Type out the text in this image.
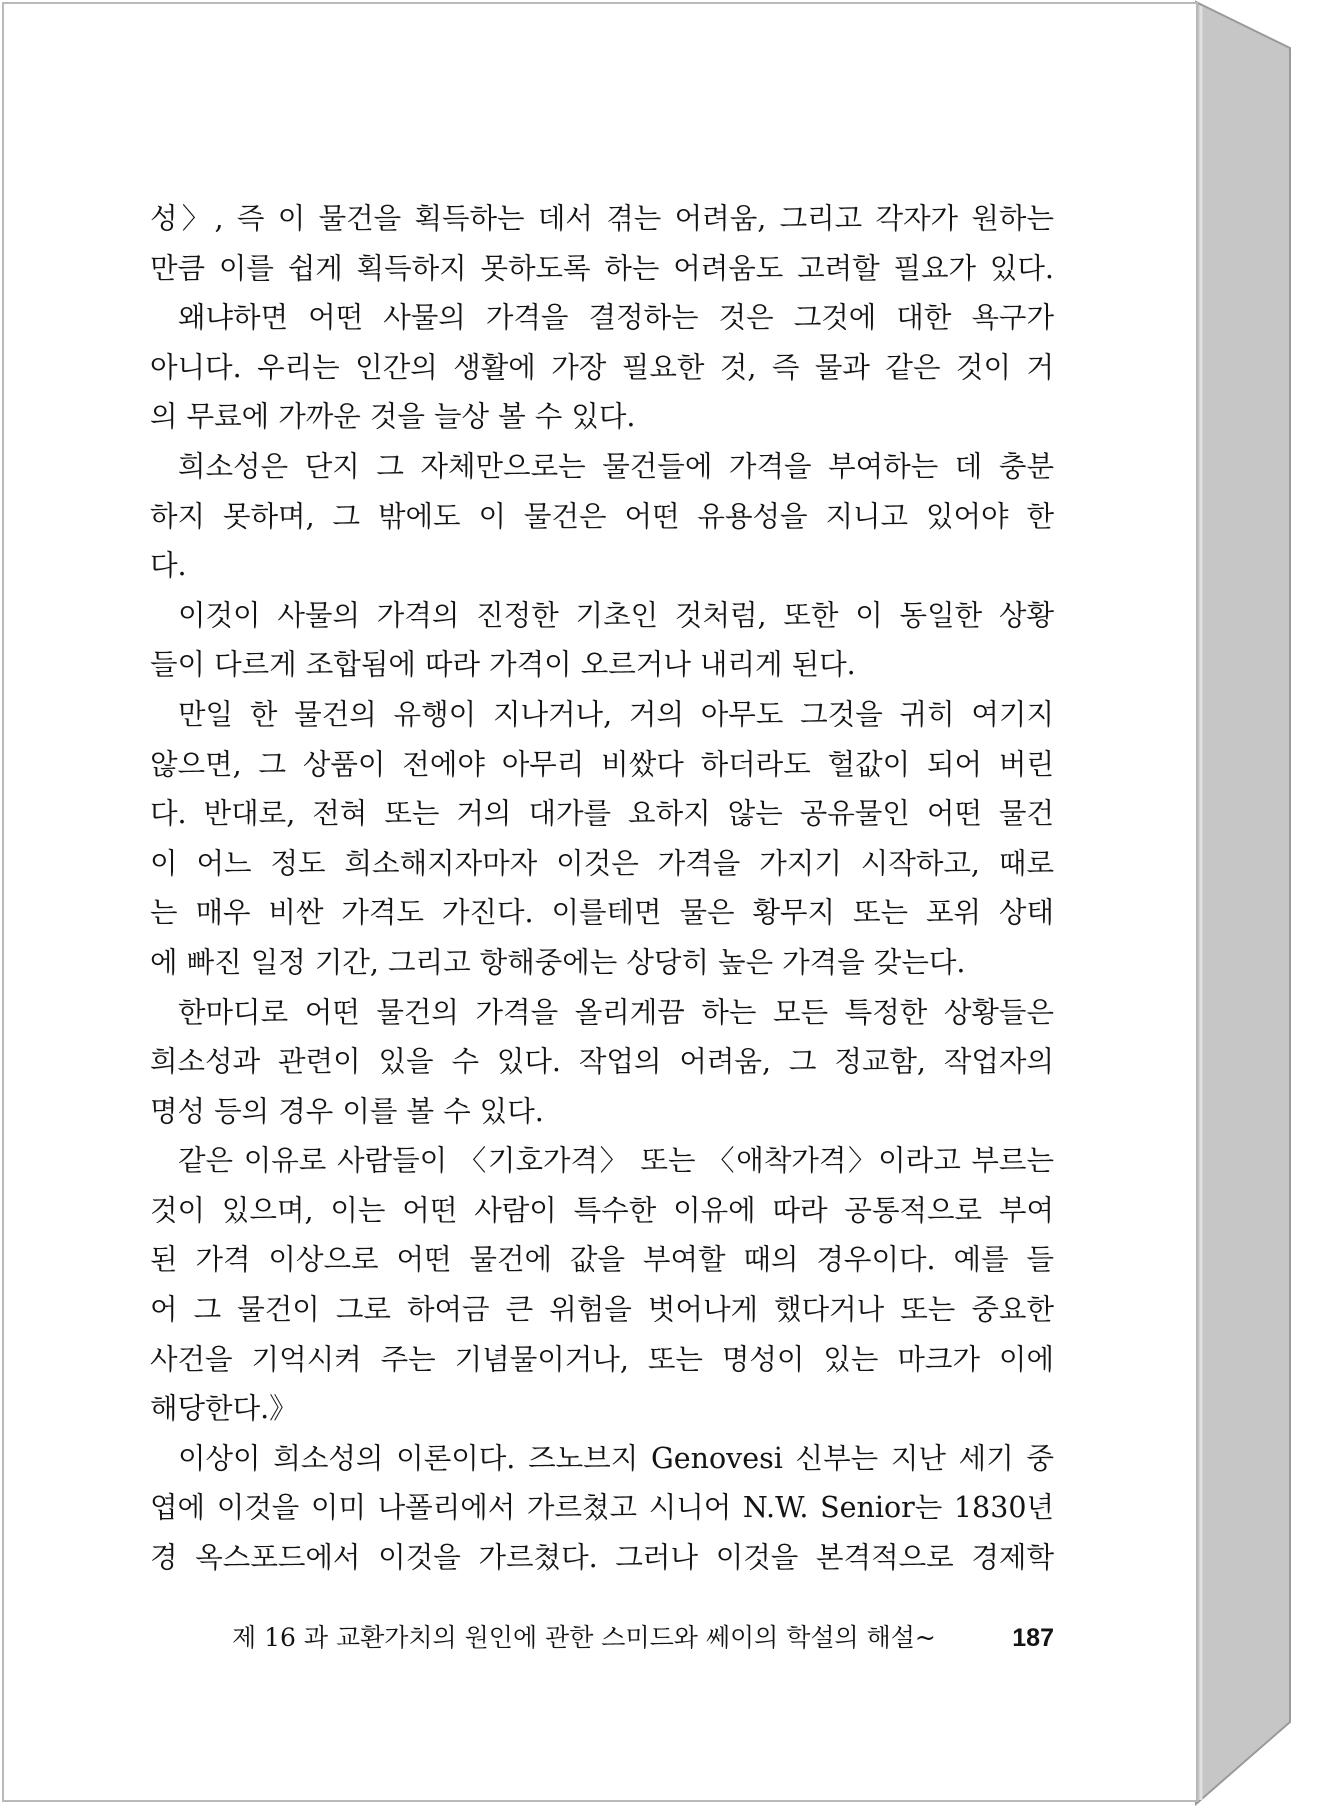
성〉, 즉 이 물건을 획득하는 데서 겪는 어려움, 그리고 각자가 원하는
만큼 이를 쉽게 획득하지 못하도록 하는 어려움도 고려할 필요가 있다.
왜냐하면 어떤 사물의 가격을 결정하는 것은 그것에 대한 욕구가
아니다. 우리는 인간의 생활에 가장 필요한 것, 즉 물과 같은 것이 거
의 무료에 가까운 것을 늘상 볼 수 있다.
희소성은 단지 그 자체만으로는 물건들에 가격을 부여하는 데 충분
하지 못하며, 그 밖에도 이 물건은 어떤 유용성을 지니고 있어야 한
다.
이것이 사물의 가격의 진정한 기초인 것처럼, 또한 이 동일한 상황
들이 다르게 조합됨에 따라 가격이 오르거나 내리게 된다.
만일 한 물건의 유행이 지나거나, 거의 아무도 그것을 귀히 여기지
않으면, 그 상품이 전에야 아무리 비쌌다 하더라도 헐값이 되어 버린
다. 반대로, 전혀 또는 거의 대가를 요하지 않는 공유물인 어떤 물건
이 어느 정도 희소해지자마자 이것은 가격을 가지기 시작하고, 때로
는 매우 비싼 가격도 가진다. 이를테면 물은 황무지 또는 포위 상태
에 빠진 일정 기간, 그리고 항해중에는 상당히 높은 가격을 갖는다.
한마디로 어떤 물건의 가격을 올리게끔 하는 모든 특정한 상황들은
희소성과 관련이 있을 수 있다. 작업의 어려움, 그 정교함, 작업자의
명성 등의 경우 이를 볼 수 있다.
같은 이유로 사람들이 〈기호가격〉 또는 〈애착가격〉이라고 부르는
것이 있으며, 이는 어떤 사람이 특수한 이유에 따라 공통적으로 부여
된 가격 이상으로 어떤 물건에 값을 부여할 때의 경우이다. 예를 들
어 그 물건이 그로 하여금 큰 위험을 벗어나게 했다거나 또는 중요한
사건을 기억시켜 주는 기념물이거나, 또는 명성이 있는 마크가 이에
해당한다.》
이상이 희소성의 이론이다. 즈노브지 Genovesi 신부는 지난 세기 중
엽에 이것을 이미 나폴리에서 가르쳤고 시니어 N.W. Senior는 1830년
경 옥스포드에서 이것을 가르쳤다. 그러나 이것을 본격적으로 경제학
제 16 과 교환가치의 원인에 관한 스미드와 쎄이의 학설의 해설~	187
